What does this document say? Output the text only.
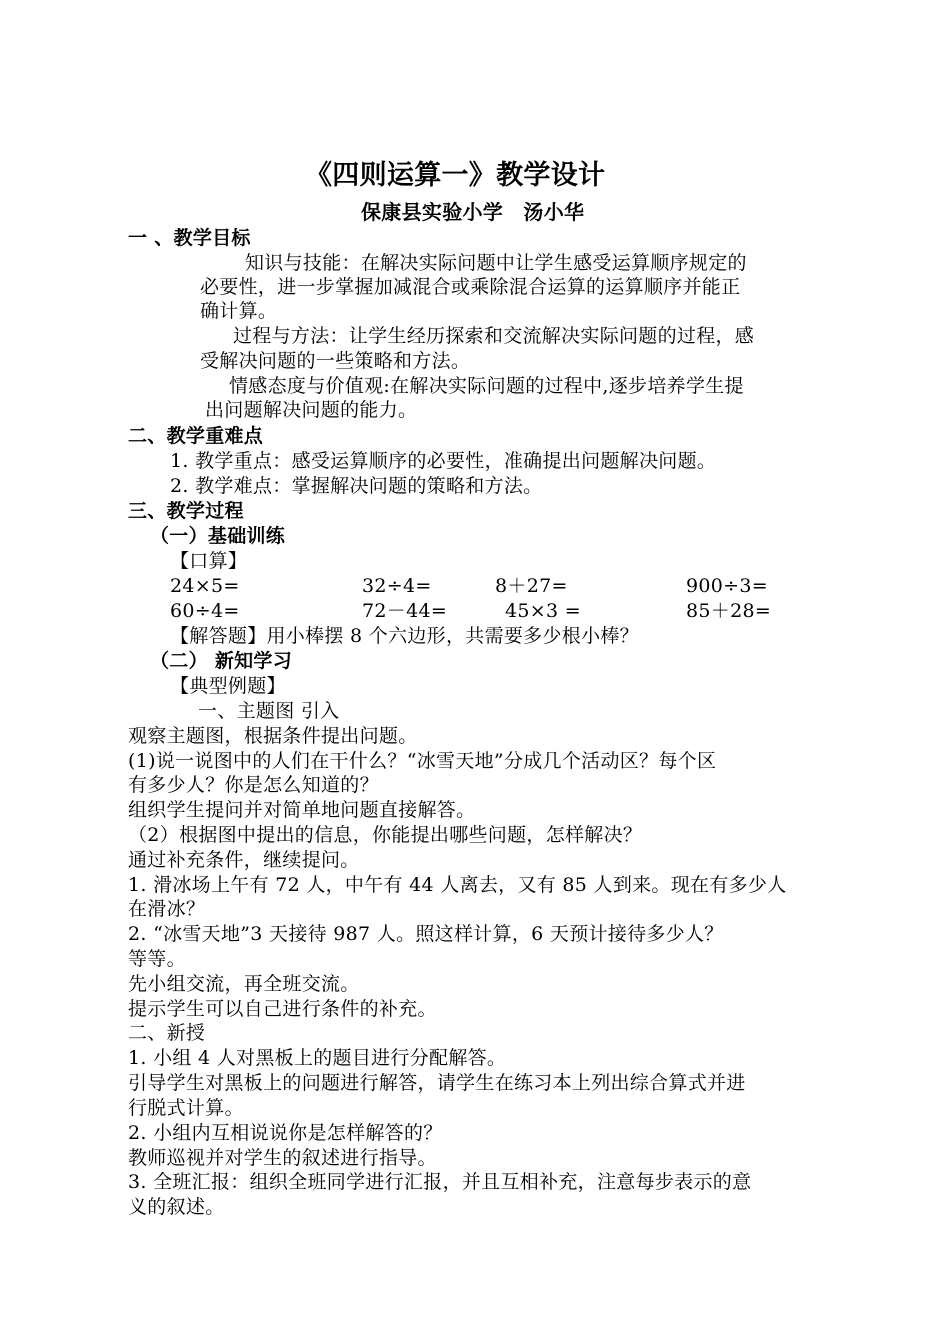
《四则运算一》教学设计
保康县实验小学　汤小华
一 、教学目标
知识与技能：在解决实际问题中让学生感受运算顺序规定的
必要性，进一步掌握加减混合或乘除混合运算的运算顺序并能正
确计算。
过程与方法：让学生经历探索和交流解决实际问题的过程，感
受解决问题的一些策略和方法。
情感态度与价值观:在解决实际问题的过程中,逐步培养学生提
出问题解决问题的能力。
二、教学重难点
1. 教学重点：感受运算顺序的必要性，准确提出问题解决问题。
2. 教学难点：掌握解决问题的策略和方法。
三、教学过程
（一）基础训练
【口算】
24×5=	32÷4=	8＋27=	900÷3=
60÷4=	72－44=	45×3 =	85＋28=
【解答题】用小棒摆 8 个六边形，共需要多少根小棒？
（二） 新知学习
【典型例题】
一、主题图 引入
观察主题图，根据条件提出问题。
(1)说一说图中的人们在干什么？“冰雪天地”分成几个活动区？每个区
有多少人？你是怎么知道的？
组织学生提问并对简单地问题直接解答。
（2）根据图中提出的信息，你能提出哪些问题，怎样解决？
通过补充条件，继续提问。
1. 滑冰场上午有 72 人，中午有 44 人离去，又有 85 人到来。现在有多少人
在滑冰？
2. “冰雪天地”3 天接待 987 人。照这样计算，6 天预计接待多少人？
等等。
先小组交流，再全班交流。
提示学生可以自己进行条件的补充。
二、新授
1. 小组 4 人对黑板上的题目进行分配解答。
引导学生对黑板上的问题进行解答，请学生在练习本上列出综合算式并进
行脱式计算。
2. 小组内互相说说你是怎样解答的？
教师巡视并对学生的叙述进行指导。
3. 全班汇报：组织全班同学进行汇报，并且互相补充，注意每步表示的意
义的叙述。
